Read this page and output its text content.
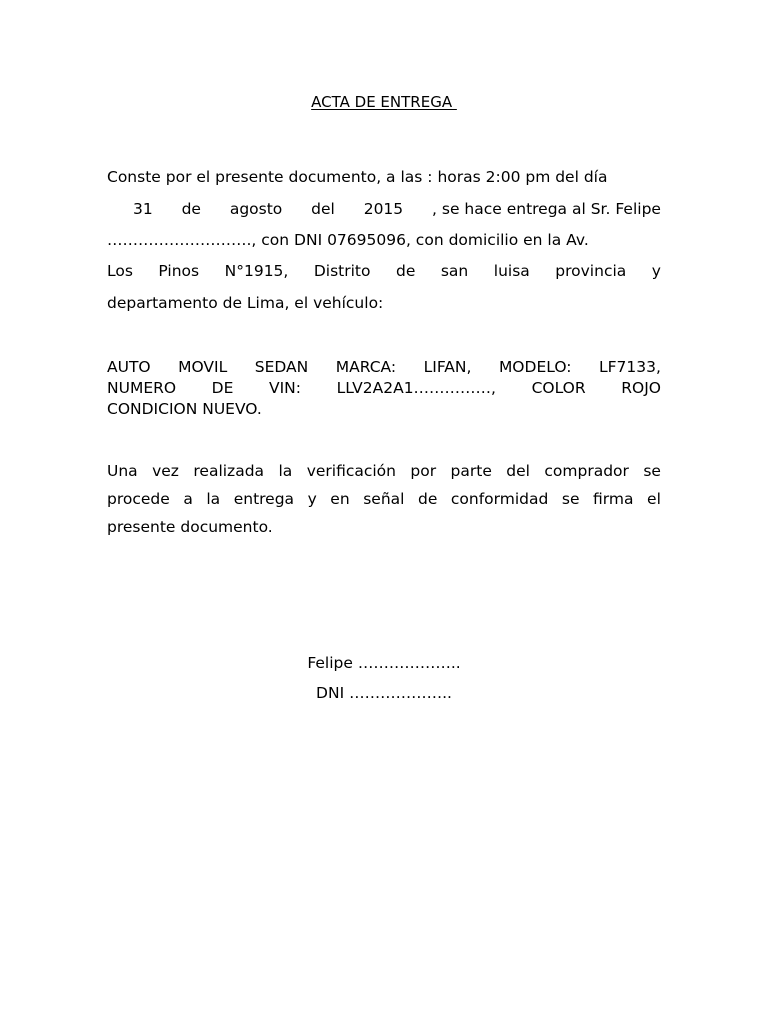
ACTA DE ENTREGA
Conste por el presente documento, a las : horas 2:00 pm del día
31 de agosto del 2015 , se hace entrega al Sr. Felipe
………………………., con DNI 07695096, con domicilio en la Av.
Los Pinos N°1915, Distrito de san luisa provincia y
departamento de Lima, el vehículo:
AUTO MOVIL SEDAN MARCA: LIFAN, MODELO: LF7133,
NUMERO DE VIN: LLV2A2A1……………, COLOR ROJO
CONDICION NUEVO.
Una vez realizada la verificación por parte del comprador se
procede a la entrega y en señal de conformidad se firma el
presente documento.
Felipe ………………..
DNI ………………..
